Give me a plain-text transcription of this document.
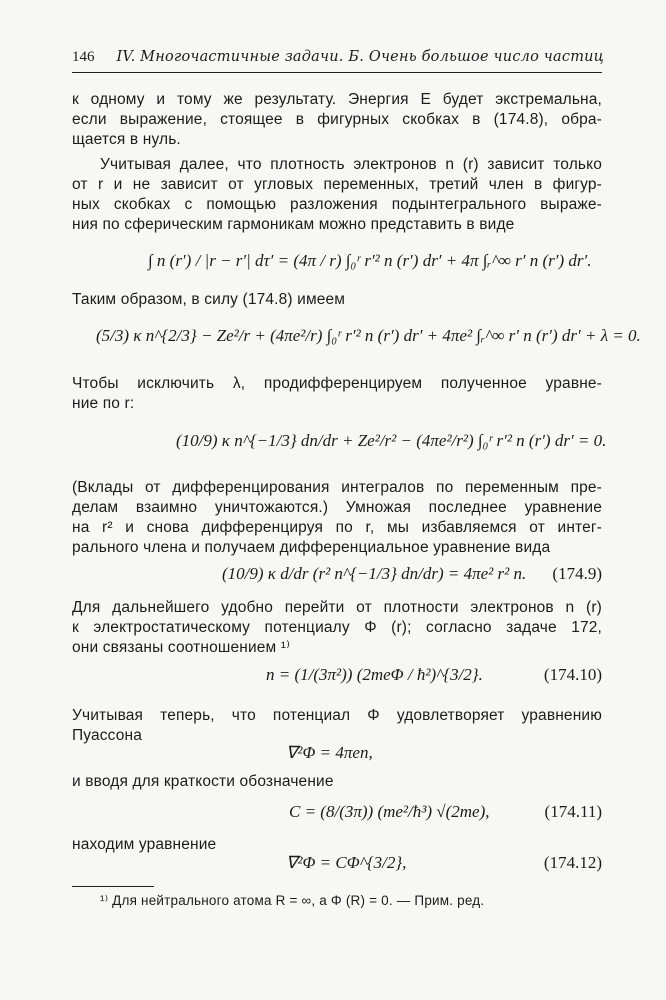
146 IV. Многочастичные задачи. Б. Очень большое число частиц
к одному и тому же результату. Энергия E будет экстремальна,
если выражение, стоящее в фигурных скобках в (174.8), обра-
щается в нуль.
Учитывая далее, что плотность электронов n (r) зависит только
от r и не зависит от угловых переменных, третий член в фигур-
ных скобках с помощью разложения подынтегрального выраже-
ния по сферическим гармоникам можно представить в виде
∫ n (r′) / |r − r′| dτ′ = (4π / r) ∫₀ʳ r′² n (r′) dr′ + 4π ∫ᵣ^∞ r′ n (r′) dr′.
Таким образом, в силу (174.8) имеем
(5/3) κ n^{2/3} − Ze²/r + (4πe²/r) ∫₀ʳ r′² n (r′) dr′ + 4πe² ∫ᵣ^∞ r′ n (r′) dr′ + λ = 0.
Чтобы исключить λ, продифференцируем полученное уравне-
ние по r:
(10/9) κ n^{−1/3} dn/dr + Ze²/r² − (4πe²/r²) ∫₀ʳ r′² n (r′) dr′ = 0.
(Вклады от дифференцирования интегралов по переменным пре-
делам взаимно уничтожаются.) Умножая последнее уравнение
на r² и снова дифференцируя по r, мы избавляемся от интег-
рального члена и получаем дифференциальное уравнение вида
(10/9) κ d/dr (r² n^{−1/3} dn/dr) = 4πe² r² n. (174.9)
Для дальнейшего удобно перейти от плотности электронов n (r)
к электростатическому потенциалу Φ (r); согласно задаче 172,
они связаны соотношением ¹⁾
n = (1/(3π²)) (2meΦ / ħ²)^{3/2}.	(174.10)
Учитывая теперь, что потенциал Φ удовлетворяет уравнению
Пуассона
∇²Φ = 4πen,
и вводя для краткости обозначение
C = (8/(3π)) (me²/ħ³) √(2me),	(174.11)
находим уравнение
∇²Φ = CΦ^{3/2},	(174.12)
¹⁾ Для нейтрального атома R = ∞, а Φ (R) = 0. — Прим. ред.
